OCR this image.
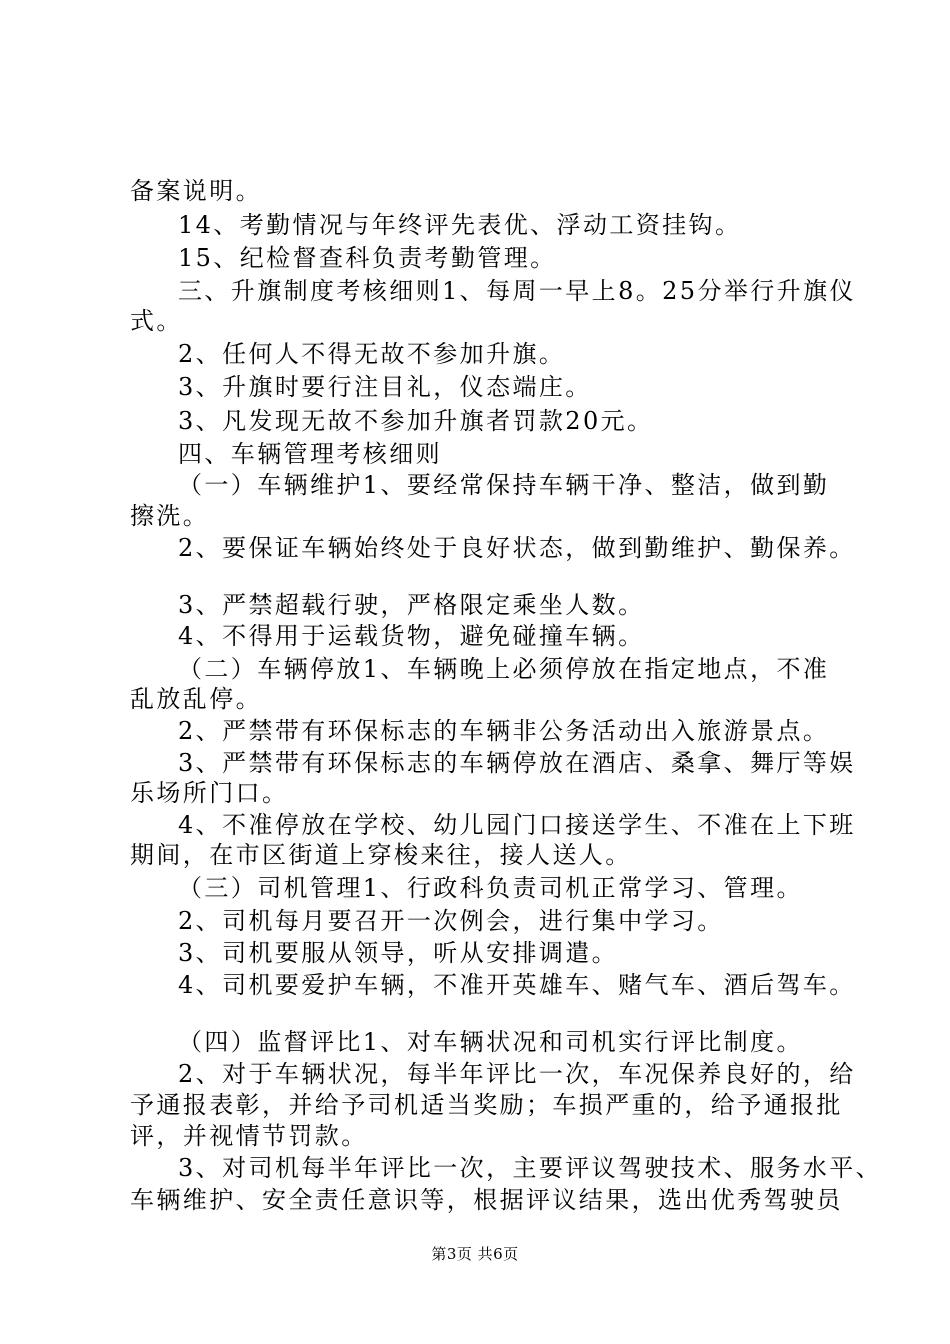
备案说明。
14、考勤情况与年终评先表优、浮动工资挂钩。
15、纪检督查科负责考勤管理。
三、升旗制度考核细则1、每周一早上8。25分举行升旗仪
式。
2、任何人不得无故不参加升旗。
3、升旗时要行注目礼，仪态端庄。
3、凡发现无故不参加升旗者罚款20元。
四、车辆管理考核细则
（一）车辆维护1、要经常保持车辆干净、整洁，做到勤
擦洗。
2、要保证车辆始终处于良好状态，做到勤维护、勤保养。
3、严禁超载行驶，严格限定乘坐人数。
4、不得用于运载货物，避免碰撞车辆。
（二）车辆停放1、车辆晚上必须停放在指定地点，不准
乱放乱停。
2、严禁带有环保标志的车辆非公务活动出入旅游景点。
3、严禁带有环保标志的车辆停放在酒店、桑拿、舞厅等娱
乐场所门口。
4、不准停放在学校、幼儿园门口接送学生、不准在上下班
期间，在市区街道上穿梭来往，接人送人。
（三）司机管理1、行政科负责司机正常学习、管理。
2、司机每月要召开一次例会，进行集中学习。
3、司机要服从领导，听从安排调遣。
4、司机要爱护车辆，不准开英雄车、赌气车、酒后驾车。
（四）监督评比1、对车辆状况和司机实行评比制度。
2、对于车辆状况，每半年评比一次，车况保养良好的，给
予通报表彰，并给予司机适当奖励；车损严重的，给予通报批
评，并视情节罚款。
3、对司机每半年评比一次，主要评议驾驶技术、服务水平、
车辆维护、安全责任意识等，根据评议结果，选出优秀驾驶员
第3页 共6页
